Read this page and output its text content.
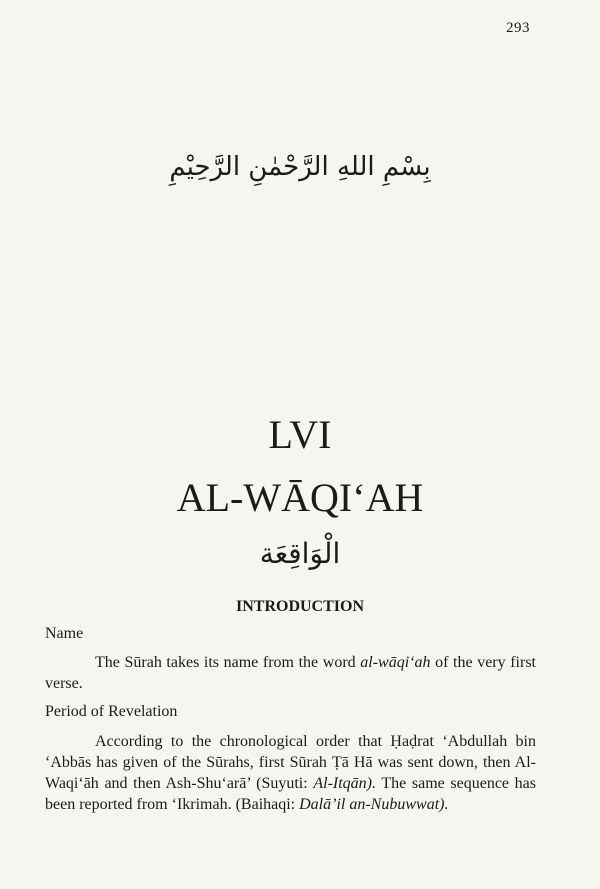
293
بِسْمِ اللهِ الرَّحْمٰنِ الرَّحِيْمِ
LVI
AL-WĀQI‘AH
الْوَاقِعَة
INTRODUCTION
Name

The Sūrah takes its name from the word al-wāqi‘ah of the very first verse.

Period of Revelation

According to the chronological order that Ḥaḍrat ‘Abdullah bin ‘Abbās has given of the Sūrahs, first Sūrah Ṭā Hā was sent down, then Al-Waqi‘āh and then Ash-Shu‘arā’ (Suyuti: Al-Itqān). The same sequence has been reported from ‘Ikrimah. (Baihaqi: Dalā’il an-Nubuwwat).
